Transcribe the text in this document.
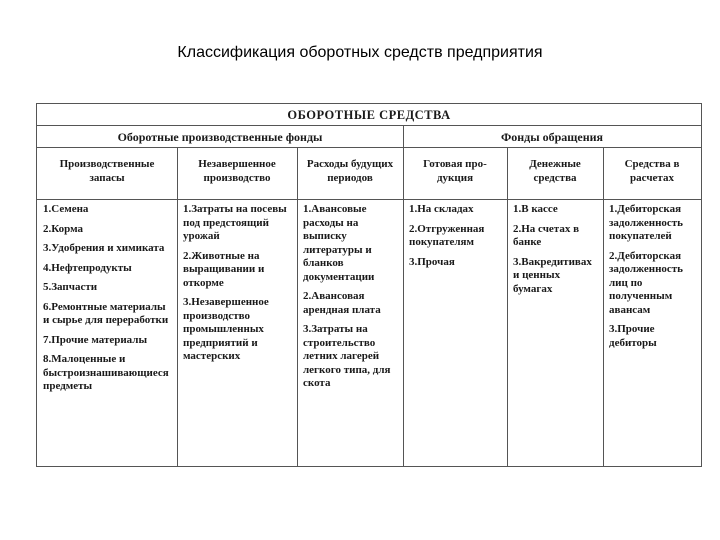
Классификация оборотных средств предприятия
ОБОРОТНЫЕ СРЕДСТВА
Оборотные производственные фонды	Фонды обращения
Производственные
запасы
Незавершенное
производство
Расходы будущих
периодов
Готовая про-
дукция
Денежные
средства
Средства в
расчетах
1.Семена
2.Корма
3.Удобрения и химиката
4.Нефтепродукты
5.Запчасти
6.Ремонтные материалы и сырье для переработки
7.Прочие материалы
8.Малоценные и быстроизнашивающиеся предметы
1.Затраты на посевы под предстоящий урожай
2.Животные на выращивании и откорме
3.Незавершенное производство промышленных предприятий и мастерских
1.Авансовые расходы на выписку литературы и бланков документации
2.Авансовая арендная плата
3.Затраты на строительство летних лагерей легкого типа, для скота
1.На складах
2.Отгруженная покупателям
3.Прочая
1.В кассе
2.На счетах в банке
3.Вакредитивах и ценных бумагах
1.Дебиторская задолженность покупателей
2.Дебиторская задолженность лиц по полученным авансам
3.Прочие дебиторы
